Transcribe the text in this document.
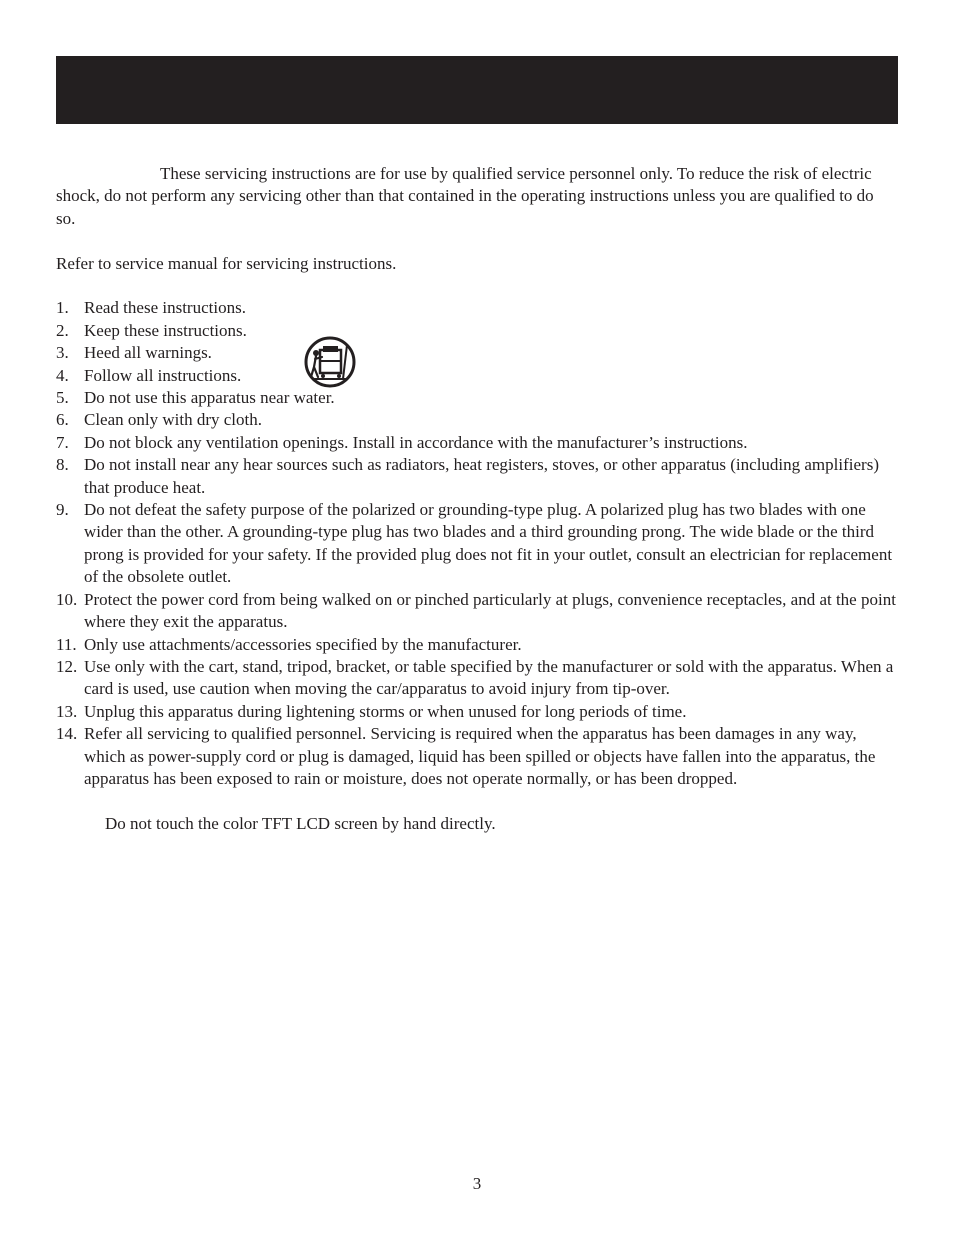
These servicing instructions are for use by qualified service personnel only. To reduce the risk of electric shock, do not perform any servicing other than that contained in the operating instructions unless you are qualified to do so.

Refer to service manual for servicing instructions.

1. Read these instructions.
2. Keep these instructions.
3. Heed all warnings.
4. Follow all instructions.
5. Do not use this apparatus near water.
6. Clean only with dry cloth.
7. Do not block any ventilation openings. Install in accordance with the manufacturer’s instructions.
8. Do not install near any hear sources such as radiators, heat registers, stoves, or other apparatus (including amplifiers) that produce heat.
9. Do not defeat the safety purpose of the polarized or grounding-type plug. A polarized plug has two blades with one wider than the other. A grounding-type plug has two blades and a third grounding prong. The wide blade or the third prong is provided for your safety. If the provided plug does not fit in your outlet, consult an electrician for replacement of the obsolete outlet.
10. Protect the power cord from being walked on or pinched particularly at plugs, convenience receptacles, and at the point where they exit the apparatus.
11. Only use attachments/accessories specified by the manufacturer.
12. Use only with the cart, stand, tripod, bracket, or table specified by the manufacturer or sold with the apparatus. When a card is used, use caution when moving the car/apparatus to avoid injury from tip-over.
13. Unplug this apparatus during lightening storms or when unused for long periods of time.
14. Refer all servicing to qualified personnel. Servicing is required when the apparatus has been damages in any way, which as power-supply cord or plug is damaged, liquid has been spilled or objects have fallen into the apparatus, the apparatus has been exposed to rain or moisture, does not operate normally, or has been dropped.

Do not touch the color TFT LCD screen by hand directly.

3
